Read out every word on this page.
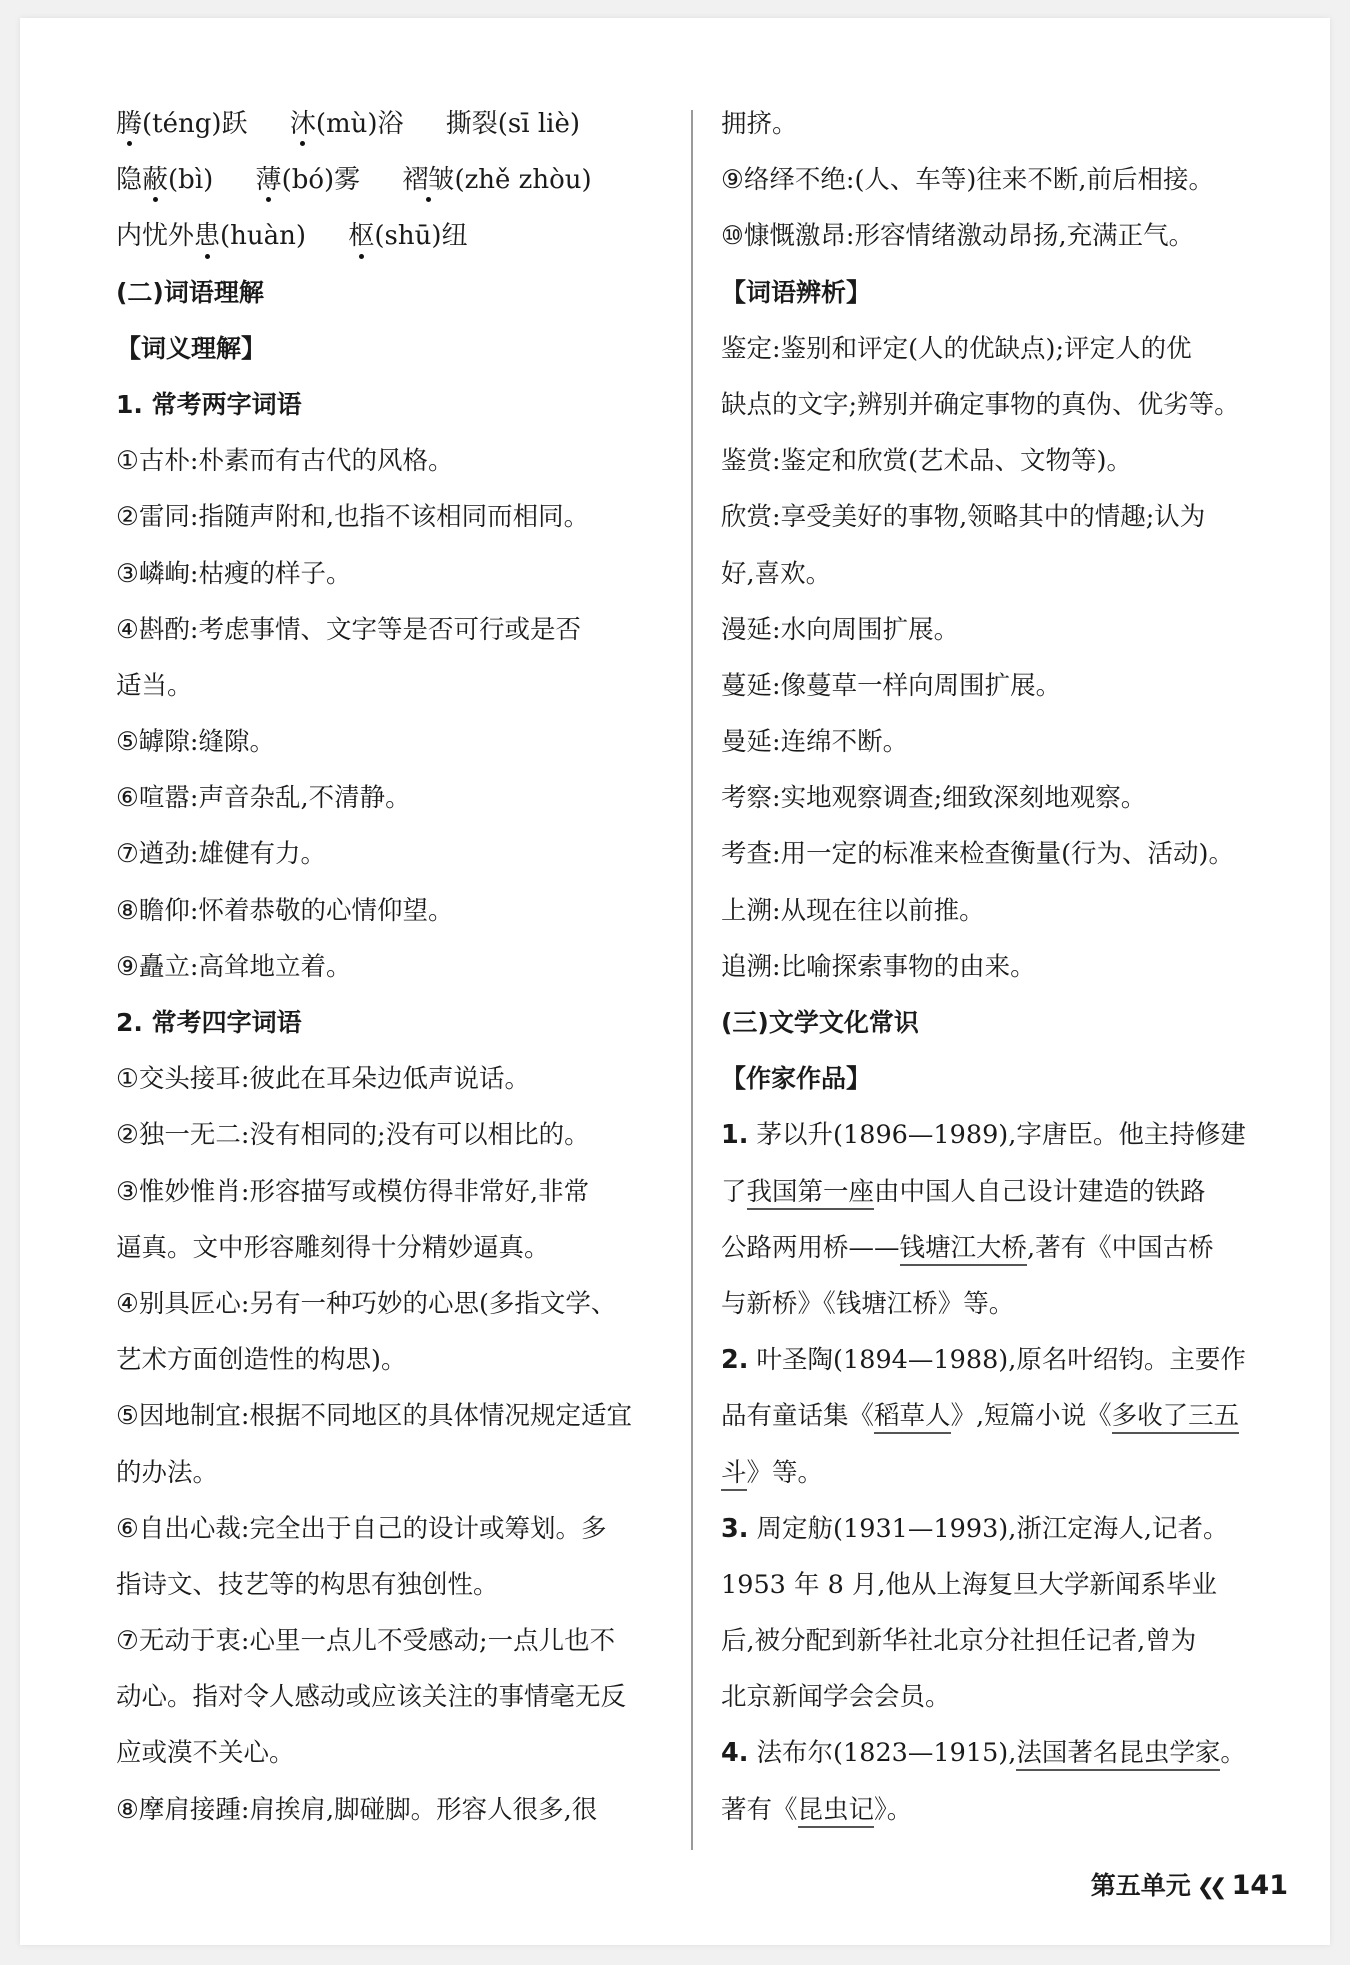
腾(téng)跃 沐(mù)浴 撕裂(sī liè)
隐蔽(bì) 薄(bó)雾 褶皱(zhě zhòu)
内忧外患(huàn) 枢(shū)纽
(二)词语理解
【词义理解】
1. 常考两字词语
①古朴:朴素而有古代的风格。
②雷同:指随声附和,也指不该相同而相同。
③嶙峋:枯瘦的样子。
④斟酌:考虑事情、文字等是否可行或是否
适当。
⑤罅隙:缝隙。
⑥喧嚣:声音杂乱,不清静。
⑦遒劲:雄健有力。
⑧瞻仰:怀着恭敬的心情仰望。
⑨矗立:高耸地立着。
2. 常考四字词语
①交头接耳:彼此在耳朵边低声说话。
②独一无二:没有相同的;没有可以相比的。
③惟妙惟肖:形容描写或模仿得非常好,非常
逼真。文中形容雕刻得十分精妙逼真。
④别具匠心:另有一种巧妙的心思(多指文学、
艺术方面创造性的构思)。
⑤因地制宜:根据不同地区的具体情况规定适宜
的办法。
⑥自出心裁:完全出于自己的设计或筹划。多
指诗文、技艺等的构思有独创性。
⑦无动于衷:心里一点儿不受感动;一点儿也不
动心。指对令人感动或应该关注的事情毫无反
应或漠不关心。
⑧摩肩接踵:肩挨肩,脚碰脚。形容人很多,很
拥挤。
⑨络绎不绝:(人、车等)往来不断,前后相接。
⑩慷慨激昂:形容情绪激动昂扬,充满正气。
【词语辨析】
鉴定:鉴别和评定(人的优缺点);评定人的优
缺点的文字;辨别并确定事物的真伪、优劣等。
鉴赏:鉴定和欣赏(艺术品、文物等)。
欣赏:享受美好的事物,领略其中的情趣;认为
好,喜欢。
漫延:水向周围扩展。
蔓延:像蔓草一样向周围扩展。
曼延:连绵不断。
考察:实地观察调查;细致深刻地观察。
考查:用一定的标准来检查衡量(行为、活动)。
上溯:从现在往以前推。
追溯:比喻探索事物的由来。
(三)文学文化常识
【作家作品】
1. 茅以升(1896—1989),字唐臣。他主持修建
了我国第一座由中国人自己设计建造的铁路
公路两用桥——钱塘江大桥,著有《中国古桥
与新桥》《钱塘江桥》等。
2. 叶圣陶(1894—1988),原名叶绍钧。主要作
品有童话集《稻草人》,短篇小说《多收了三五
斗》等。
3. 周定舫(1931—1993),浙江定海人,记者。
1953 年 8 月,他从上海复旦大学新闻系毕业
后,被分配到新华社北京分社担任记者,曾为
北京新闻学会会员。
4. 法布尔(1823—1915),法国著名昆虫学家。
著有《昆虫记》。
第五单元 ❮❮ 141
